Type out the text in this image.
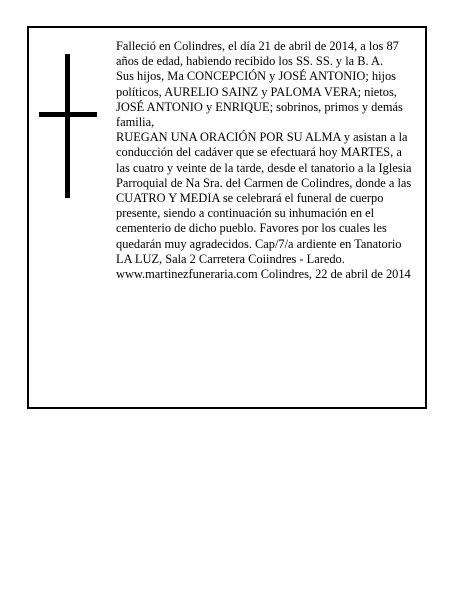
Falleció en Colindres, el día 21 de abril de 2014, a los 87 años de edad, habiendo recibido los SS. SS. y la B. A.

Sus hijos, Ma CONCEPCIÓN y JOSÉ ANTONIO; hijos políticos, AURELIO SAINZ y PALOMA VERA; nietos, JOSÉ ANTONIO y ENRIQUE; sobrinos, primos y demás familia,

RUEGAN UNA ORACIÓN POR SU ALMA y asistan a la conducción del cadáver que se efectuará hoy MARTES, a las cuatro y veinte de la tarde, desde el tanatorio a la Iglesia Parroquial de Na Sra. del Carmen de Colindres, donde a las CUATRO Y MEDIA se celebrará el funeral de cuerpo presente, siendo a continuación su inhumación en el cementerio de dicho pueblo. Favores por los cuales les quedarán muy agradecidos. Cap/7/a ardiente en Tanatorio LA LUZ, Sala 2 Carretera Coiindres - Laredo. www.martinezfuneraria.com Colindres, 22 de abril de 2014
